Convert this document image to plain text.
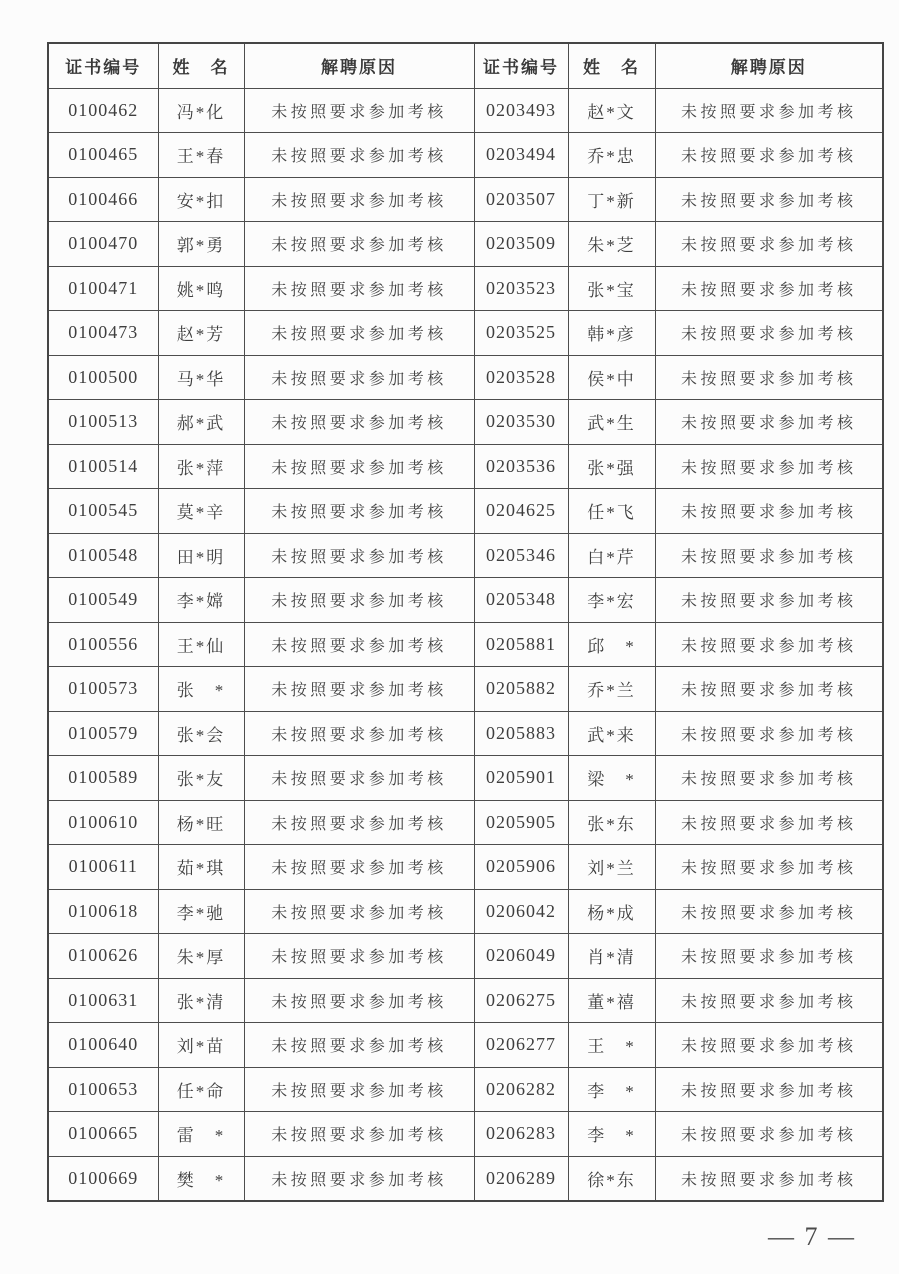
证书编号	姓　名	解聘原因	证书编号	姓　名	解聘原因
0100462	冯*化	未按照要求参加考核	0203493	赵*文	未按照要求参加考核
0100465	王*春	未按照要求参加考核	0203494	乔*忠	未按照要求参加考核
0100466	安*扣	未按照要求参加考核	0203507	丁*新	未按照要求参加考核
0100470	郭*勇	未按照要求参加考核	0203509	朱*芝	未按照要求参加考核
0100471	姚*鸣	未按照要求参加考核	0203523	张*宝	未按照要求参加考核
0100473	赵*芳	未按照要求参加考核	0203525	韩*彦	未按照要求参加考核
0100500	马*华	未按照要求参加考核	0203528	侯*中	未按照要求参加考核
0100513	郝*武	未按照要求参加考核	0203530	武*生	未按照要求参加考核
0100514	张*萍	未按照要求参加考核	0203536	张*强	未按照要求参加考核
0100545	莫*辛	未按照要求参加考核	0204625	任*飞	未按照要求参加考核
0100548	田*明	未按照要求参加考核	0205346	白*芹	未按照要求参加考核
0100549	李*嫦	未按照要求参加考核	0205348	李*宏	未按照要求参加考核
0100556	王*仙	未按照要求参加考核	0205881	邱　*	未按照要求参加考核
0100573	张　*	未按照要求参加考核	0205882	乔*兰	未按照要求参加考核
0100579	张*会	未按照要求参加考核	0205883	武*来	未按照要求参加考核
0100589	张*友	未按照要求参加考核	0205901	梁　*	未按照要求参加考核
0100610	杨*旺	未按照要求参加考核	0205905	张*东	未按照要求参加考核
0100611	茹*琪	未按照要求参加考核	0205906	刘*兰	未按照要求参加考核
0100618	李*驰	未按照要求参加考核	0206042	杨*成	未按照要求参加考核
0100626	朱*厚	未按照要求参加考核	0206049	肖*清	未按照要求参加考核
0100631	张*清	未按照要求参加考核	0206275	董*禧	未按照要求参加考核
0100640	刘*苗	未按照要求参加考核	0206277	王　*	未按照要求参加考核
0100653	任*命	未按照要求参加考核	0206282	李　*	未按照要求参加考核
0100665	雷　*	未按照要求参加考核	0206283	李　*	未按照要求参加考核
0100669	樊　*	未按照要求参加考核	0206289	徐*东	未按照要求参加考核
— 7 —
